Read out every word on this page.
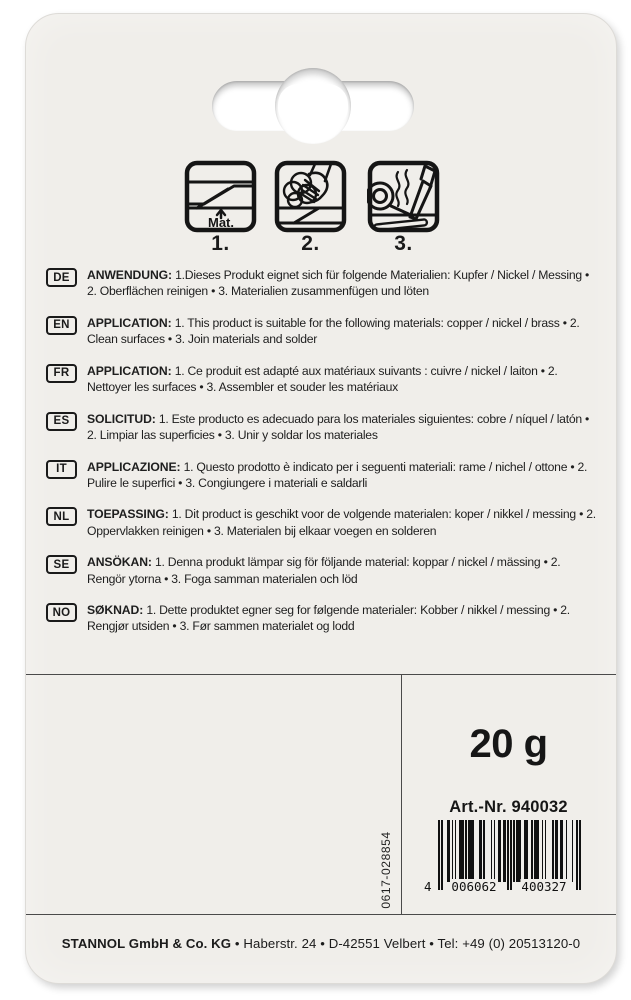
Mat.
1.	2.	3.
DE	ANWENDUNG: 1.Dieses Produkt eignet sich für folgende Materialien: Kupfer / Nickel / Messing • 2. Oberflächen reinigen • 3. Materialien zusammenfügen und löten

EN	APPLICATION: 1. This product is suitable for the following materials: copper / nickel / brass • 2. Clean surfaces • 3. Join materials and solder

FR	APPLICATION: 1. Ce produit est adapté aux matériaux suivants : cuivre / nickel / laiton • 2. Nettoyer les surfaces • 3. Assembler et souder les matériaux

ES	SOLICITUD: 1. Este producto es adecuado para los materiales siguientes: cobre / níquel / latón • 2. Limpiar las superficies • 3. Unir y soldar los materiales

IT	APPLICAZIONE: 1. Questo prodotto è indicato per i seguenti materiali: rame / nichel / ottone • 2. Pulire le superfici • 3. Congiungere i materiali e saldarli

NL	TOEPASSING: 1. Dit product is geschikt voor de volgende materialen: koper / nikkel / messing • 2. Oppervlakken reinigen • 3. Materialen bij elkaar voegen en solderen

SE	ANSÖKAN: 1. Denna produkt lämpar sig för följande material: koppar / nickel / mässing • 2. Rengör ytorna • 3. Foga samman materialen och löd

NO	SØKNAD: 1. Dette produktet egner seg for følgende materialer: Kobber / nikkel / messing • 2. Rengjør utsiden • 3. Før sammen materialet og lodd

20 g
Art.-Nr. 940032
0617-028854 4 006062 400327
STANNOL GmbH & Co. KG • Haberstr. 24 • D-42551 Velbert • Tel: +49 (0) 20513120-0
